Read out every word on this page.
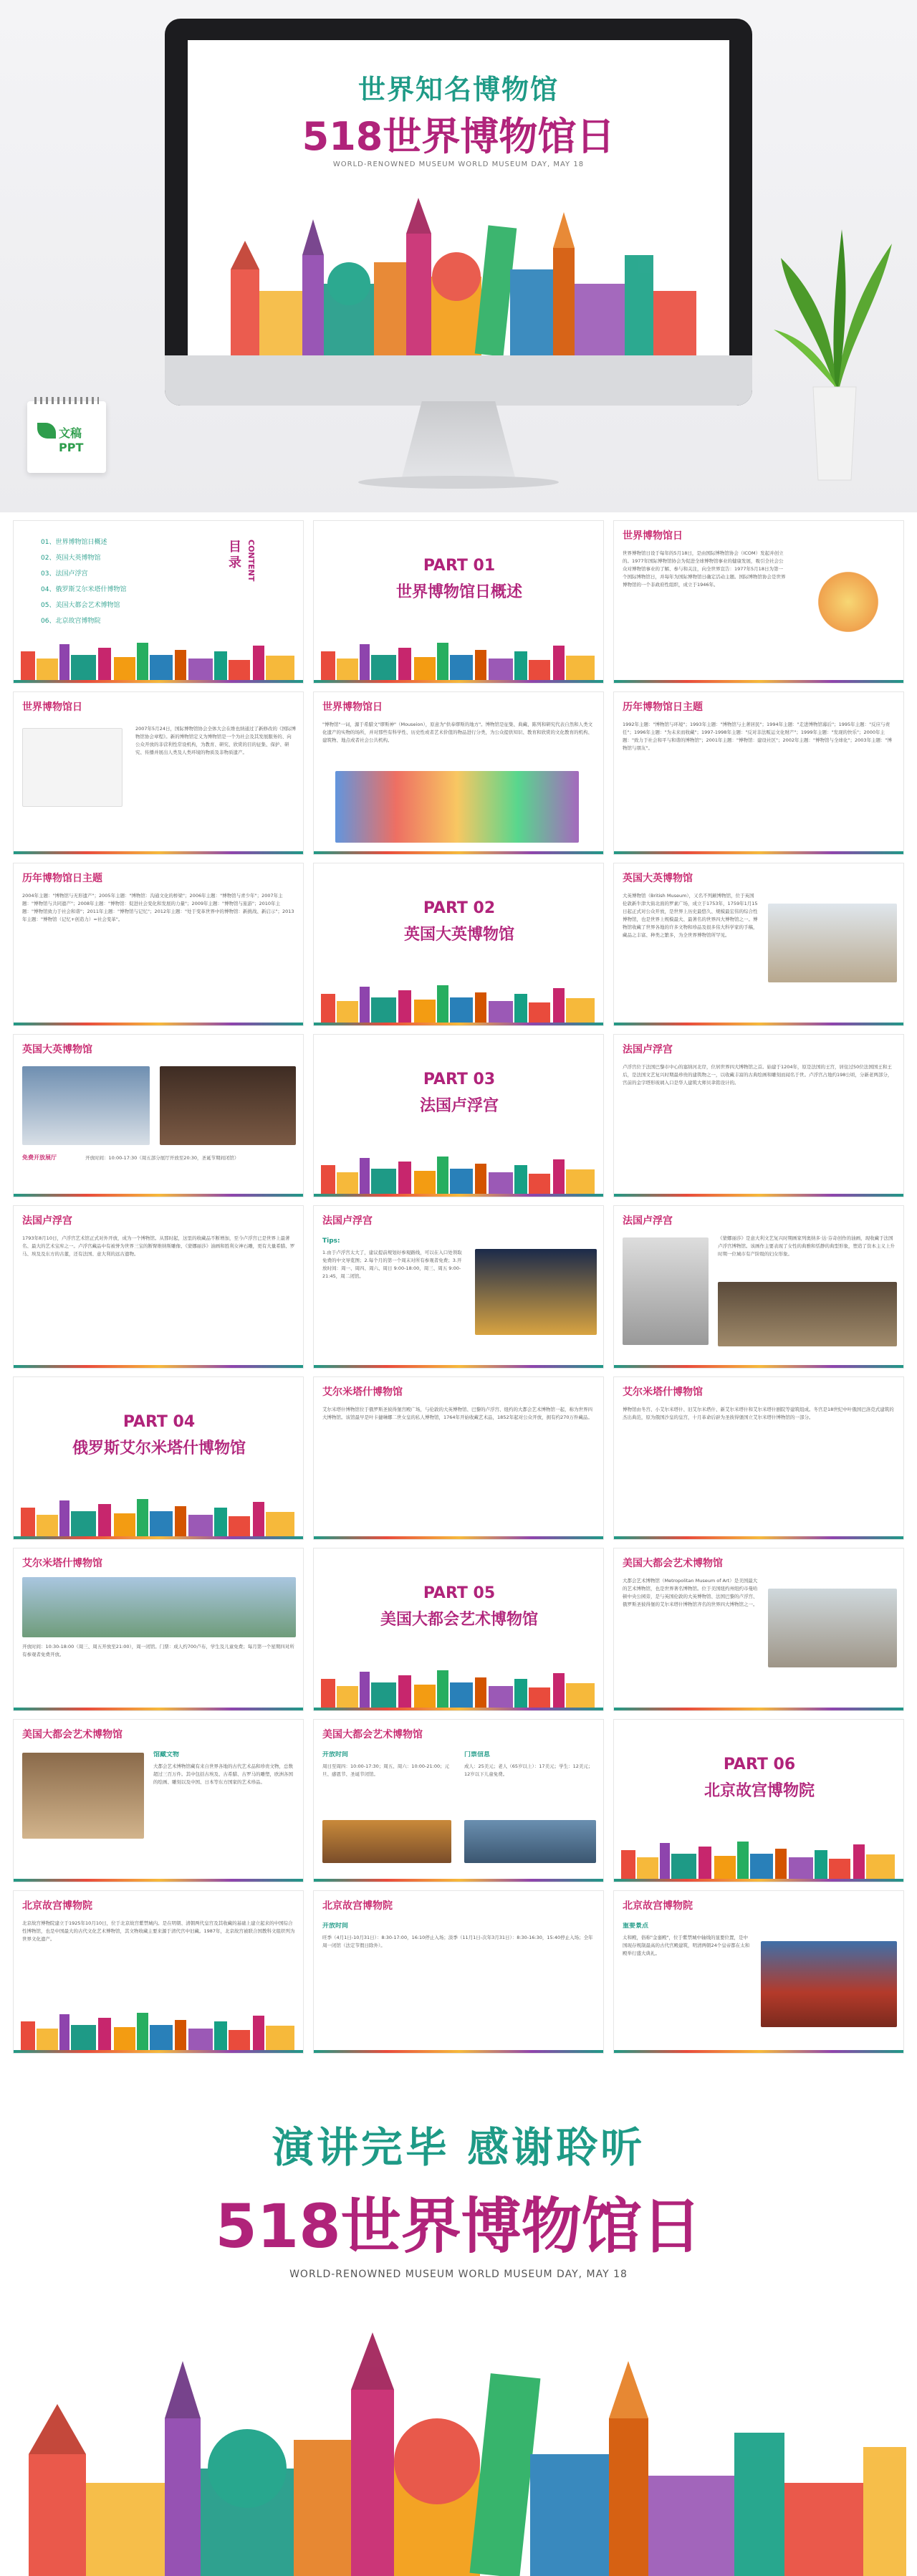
文稿PPT
世界知名博物馆
518世界博物馆日
WORLD-RENOWNED MUSEUM WORLD MUSEUM DAY, MAY 18
01、世界博物馆日概述
02、英国大英博物馆
03、法国卢浮宫
04、俄罗斯艾尔米塔什博物馆
05、美国大都会艺术博物馆
06、北京故宫博物院
目录 CONTENT	PART 01
世界博物馆日概述
世界博物馆日
世界博物馆日设于每年的5月18日，是由国际博物馆协会（ICOM）发起并创立的。1977年国际博物馆协会为促进全球博物馆事业的健康发展，吸引全社会公众对博物馆事业的了解、参与和关注，向全世界宣告：1977年5月18日为第一个国际博物馆日，并每年为国际博物馆日确定活动主题。国际博物馆协会是世界博物馆的一个非政府性组织，成立于1946年。
世界博物馆日
2007年5月24日，国际博物馆协会全体大会在维也纳通过了新修改的《国际博物馆协会章程》。新的博物馆定义为博物馆是一个为社会及其发展服务的、向公众开放的非营利性常设机构，为教育、研究、欣赏的目的征集、保护、研究、传播并展出人类及人类环境的物质及非物质遗产。
世界博物馆日
"博物馆"一词，源于希腊文"缪斯神"（Mouseion），原意为"供奉缪斯的地方"。博物馆是征集、典藏、陈列和研究代表自然和人类文化遗产的实物的场所，并对那些有科学性、历史性或者艺术价值的物品进行分类，为公众提供知识、教育和欣赏的文化教育的机构、建筑物、地点或者社会公共机构。
历年博物馆日主题
1992年主题："博物馆与环境"；1993年主题："博物馆与土著居民"；1994年主题："走进博物馆幕后"；1995年主题："反应与责任"；1996年主题："为未来而收藏"；1997-1998年主题："反对非法贩运文化财产"；1999年主题："发现的快乐"；2000年主题："致力于社会和平与和谐的博物馆"；2001年主题："博物馆：建设社区"；2002年主题："博物馆与全球化"；2003年主题："博物馆与朋友"。
历年博物馆日主题
2004年主题："博物馆与无形遗产"；2005年主题："博物馆：沟通文化的桥梁"；2006年主题："博物馆与青少年"；2007年主题："博物馆与共同遗产"；2008年主题："博物馆：促进社会变化和发展的力量"；2009年主题："博物馆与旅游"；2010年主题："博物馆致力于社会和谐"；2011年主题："博物馆与记忆"；2012年主题："处于变革世界中的博物馆：新挑战、新启示"；2013年主题："博物馆（记忆+创造力）=社会变革"。
PART 02
英国大英博物馆
英国大英博物馆
大英博物馆（British Museum），又名不列颠博物馆，位于英国伦敦新牛津大街北面的罗素广场，成立于1753年，1759年1月15日起正式对公众开放，是世界上历史最悠久、规模最宏伟的综合性博物馆，也是世界上规模最大、最著名的世界四大博物馆之一。博物馆收藏了世界各地的许多文物和珍品及很多伟大科学家的手稿，藏品之丰富、种类之繁多，为全世界博物馆所罕见。
英国大英博物馆
免费开放展厅	开放时间：10:00-17:30（周五部分展厅开放至20:30，圣诞节期间闭馆）
PART 03
法国卢浮宫
法国卢浮宫
卢浮宫位于法国巴黎市中心的塞纳河北岸，位居世界四大博物馆之首。始建于1204年，原是法国的王宫，居住过50位法国国王和王后，是法国文艺复兴时期最珍贵的建筑物之一，以收藏丰富的古典绘画和雕刻而闻名于世。卢浮宫占地约198公顷，分新老两部分，宫前的金字塔形玻璃入口是华人建筑大师贝聿铭设计的。
法国卢浮宫
1793年8月10日，卢浮宫艺术馆正式对外开放，成为一个博物馆。从那时起，这里的收藏品不断增加，至今卢浮宫已是世界上最著名、最大的艺术宝库之一。卢浮宫藏品中有被誉为世界三宝的断臂维纳斯雕像、《蒙娜丽莎》油画和胜利女神石雕，更有大量希腊、罗马、埃及及东方的古董，还有法国、意大利的远古遗物。
法国卢浮宫
Tips:
1.由于卢浮宫太大了，建议提前规划好参观路线，可以在入口处领取免费的中文导览图；2.每个月的第一个周末对所有参观者免费；3.开放时间：周一、周四、周六、周日 9:00-18:00，周三、周五 9:00-21:45，周二闭馆。
法国卢浮宫
《蒙娜丽莎》是意大利文艺复兴时期画家列奥纳多·达·芬奇创作的油画，现收藏于法国卢浮宫博物馆。该画作主要表现了女性的典雅和恬静的典型形象，塑造了资本主义上升时期一位城市有产阶级的妇女形象。
PART 04
俄罗斯艾尔米塔什博物馆
艾尔米塔什博物馆
艾尔米塔什博物馆位于俄罗斯圣彼得堡宫殿广场，与伦敦的大英博物馆、巴黎的卢浮宫、纽约的大都会艺术博物馆一起，称为世界四大博物馆。该馆最早是叶卡捷琳娜二世女皇的私人博物馆，1764年开始收藏艺术品，1852年起对公众开放，拥有约270万件藏品。
艾尔米塔什博物馆
博物馆由冬宫、小艾尔米塔什、旧艾尔米塔什、新艾尔米塔什和艾尔米塔什剧院等建筑组成。冬宫是18世纪中叶俄国巴洛克式建筑的杰出典范，原为俄国沙皇的皇宫，十月革命后辟为圣彼得堡国立艾尔米塔什博物馆的一部分。
艾尔米塔什博物馆
开放时间：10:30-18:00（周三、周五开放至21:00），周一闭馆。门票：成人约700卢布，学生及儿童免费；每月第一个星期四对所有参观者免费开放。
PART 05
美国大都会艺术博物馆
美国大都会艺术博物馆
大都会艺术博物馆（Metropolitan Museum of Art）是美国最大的艺术博物馆，也是世界著名博物馆。位于美国纽约州纽约市曼哈顿中央公园旁，是与英国伦敦的大英博物馆、法国巴黎的卢浮宫、俄罗斯圣彼得堡的艾尔米塔什博物馆齐名的世界四大博物馆之一。
美国大都会艺术博物馆
馆藏文物
大都会艺术博物馆藏有来自世界各地的古代艺术品和珍贵文物，总数超过三百万件。其中包括古埃及、古希腊、古罗马的雕塑，欧洲各国的绘画、雕刻以及中国、日本等东方国家的艺术珍品。
美国大都会艺术博物馆
开放时间
周日至周四：10:00-17:30；周五、周六：10:00-21:00；元旦、感恩节、圣诞节闭馆。
门票信息
成人：25美元；老人（65岁以上）：17美元；学生：12美元；12岁以下儿童免费。
PART 06
北京故宫博物院
北京故宫博物院
北京故宫博物院建立于1925年10月10日，位于北京故宫紫禁城内。是在明朝、清朝两代皇宫及其收藏的基础上建立起来的中国综合性博物馆，也是中国最大的古代文化艺术博物馆，其文物收藏主要来源于清代宫中旧藏。1987年，北京故宫被联合国教科文组织列为世界文化遗产。
北京故宫博物院
开放时间
旺季（4月1日-10月31日）：8:30-17:00，16:10停止入场；淡季（11月1日-次年3月31日）：8:30-16:30，15:40停止入场；全年周一闭馆（法定节假日除外）。
北京故宫博物院
重要景点
太和殿，俗称"金銮殿"，位于紫禁城中轴线的显要位置，是中国现存规制最高的古代宫殿建筑，明清两朝24个皇帝都在太和殿举行盛大典礼。
演讲完毕 感谢聆听
518世界博物馆日
WORLD-RENOWNED MUSEUM WORLD MUSEUM DAY, MAY 18
